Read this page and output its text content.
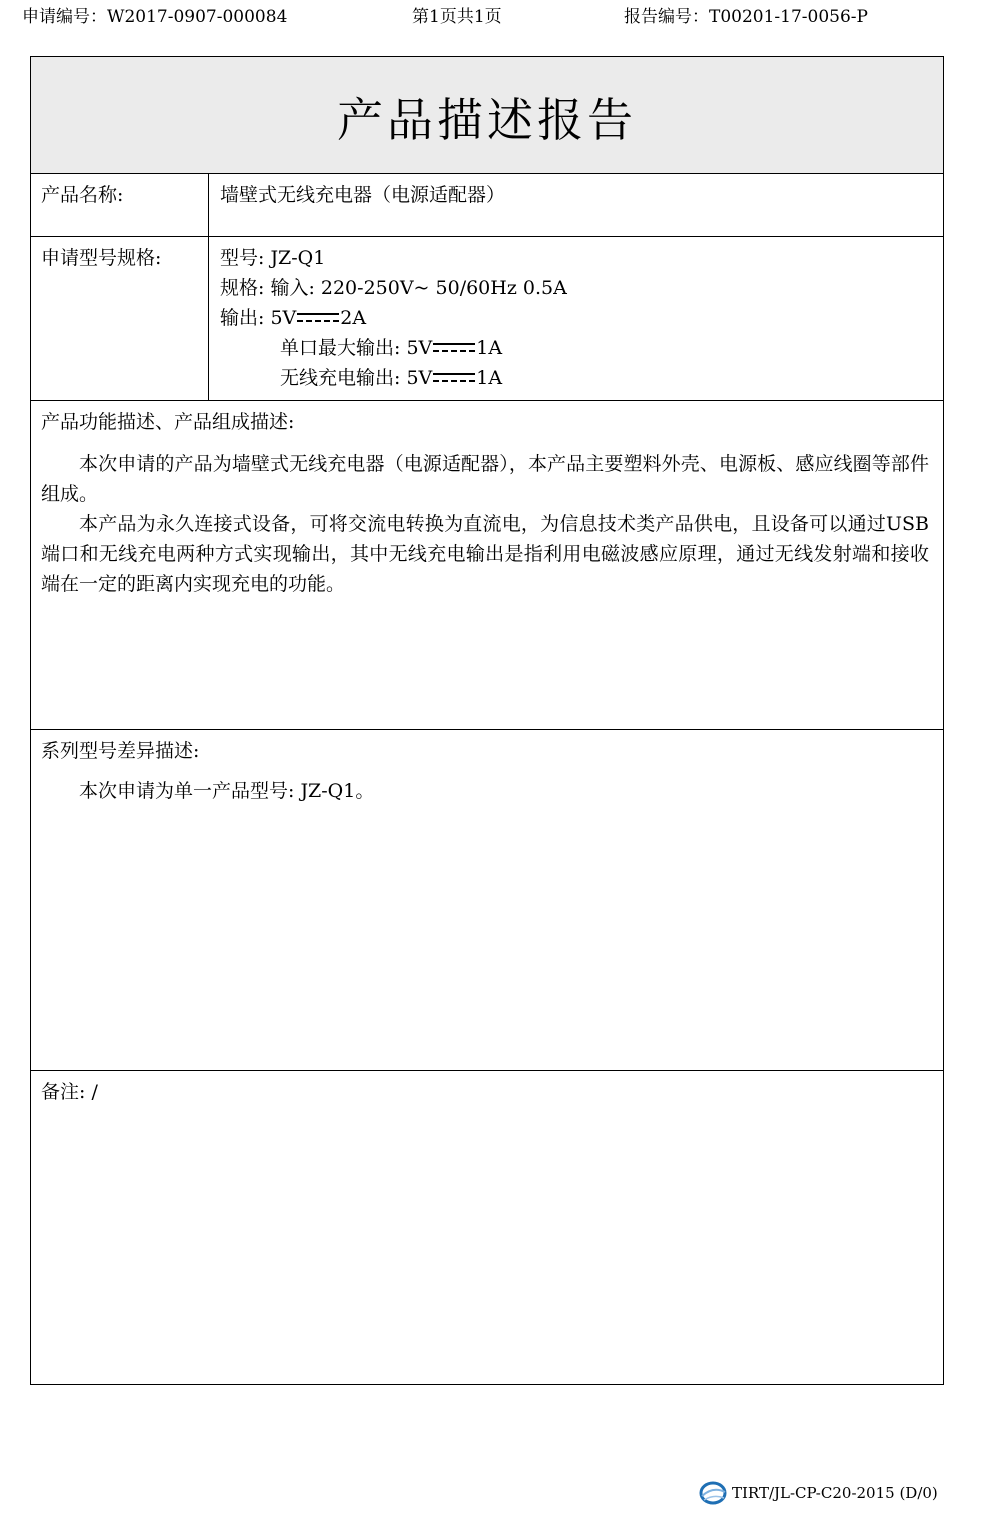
申请编号：W2017-0907-000084	第1页共1页	报告编号：T00201-17-0056-P
产品描述报告
产品名称:	墙壁式无线充电器（电源适配器）
申请型号规格:	型号: JZ-Q1
规格: 输入: 220-250V~ 50/60Hz 0.5A
输出: 5V 2A
单口最大输出: 5V 1A
无线充电输出: 5V 1A
产品功能描述、产品组成描述:

本次申请的产品为墙壁式无线充电器（电源适配器），本产品主要塑料外壳、电源板、感应线圈等部件组成。

本产品为永久连接式设备，可将交流电转换为直流电，为信息技术类产品供电，且设备可以通过USB端口和无线充电两种方式实现输出，其中无线充电输出是指利用电磁波感应原理，通过无线发射端和接收端在一定的距离内实现充电的功能。

系列型号差异描述:

本次申请为单一产品型号: JZ-Q1。

备注: /
TIRT/JL-CP-C20-2015 (D/0)
